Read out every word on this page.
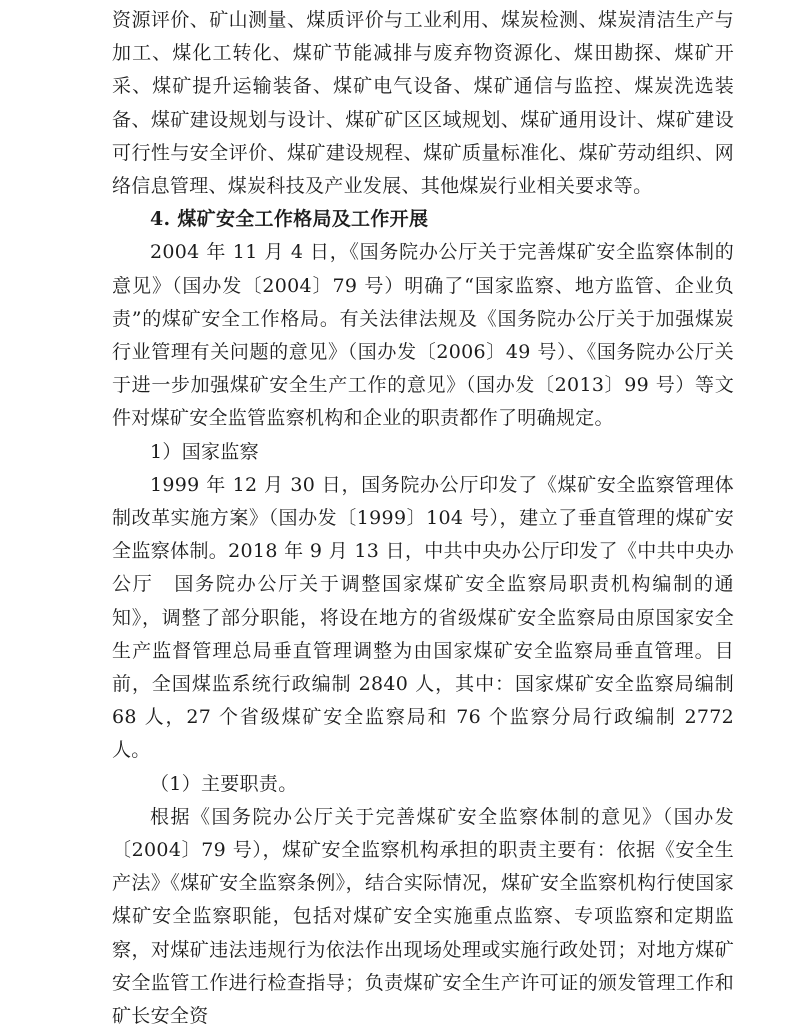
资源评价、矿山测量、煤质评价与工业利用、煤炭检测、煤炭清洁生产与加工、煤化工转化、煤矿节能减排与废弃物资源化、煤田勘探、煤矿开采、煤矿提升运输装备、煤矿电气设备、煤矿通信与监控、煤炭洗选装备、煤矿建设规划与设计、煤矿矿区区域规划、煤矿通用设计、煤矿建设可行性与安全评价、煤矿建设规程、煤矿质量标准化、煤矿劳动组织、网络信息管理、煤炭科技及产业发展、其他煤炭行业相关要求等。

4. 煤矿安全工作格局及工作开展

2004 年 11 月 4 日，《国务院办公厅关于完善煤矿安全监察体制的意见》（国办发〔2004〕79 号）明确了“国家监察、地方监管、企业负责”的煤矿安全工作格局。有关法律法规及《国务院办公厅关于加强煤炭行业管理有关问题的意见》（国办发〔2006〕49 号）、《国务院办公厅关于进一步加强煤矿安全生产工作的意见》（国办发〔2013〕99 号）等文件对煤矿安全监管监察机构和企业的职责都作了明确规定。

1）国家监察

1999 年 12 月 30 日，国务院办公厅印发了《煤矿安全监察管理体制改革实施方案》（国办发〔1999〕104 号），建立了垂直管理的煤矿安全监察体制。2018 年 9 月 13 日，中共中央办公厅印发了《中共中央办公厅　国务院办公厅关于调整国家煤矿安全监察局职责机构编制的通知》，调整了部分职能，将设在地方的省级煤矿安全监察局由原国家安全生产监督管理总局垂直管理调整为由国家煤矿安全监察局垂直管理。目前，全国煤监系统行政编制 2840 人，其中：国家煤矿安全监察局编制 68 人，27 个省级煤矿安全监察局和 76 个监察分局行政编制 2772 人。

（1）主要职责。

根据《国务院办公厅关于完善煤矿安全监察体制的意见》（国办发〔2004〕79 号），煤矿安全监察机构承担的职责主要有：依据《安全生产法》《煤矿安全监察条例》，结合实际情况，煤矿安全监察机构行使国家煤矿安全监察职能，包括对煤矿安全实施重点监察、专项监察和定期监察，对煤矿违法违规行为依法作出现场处理或实施行政处罚；对地方煤矿安全监管工作进行检查指导；负责煤矿安全生产许可证的颁发管理工作和矿长安全资
